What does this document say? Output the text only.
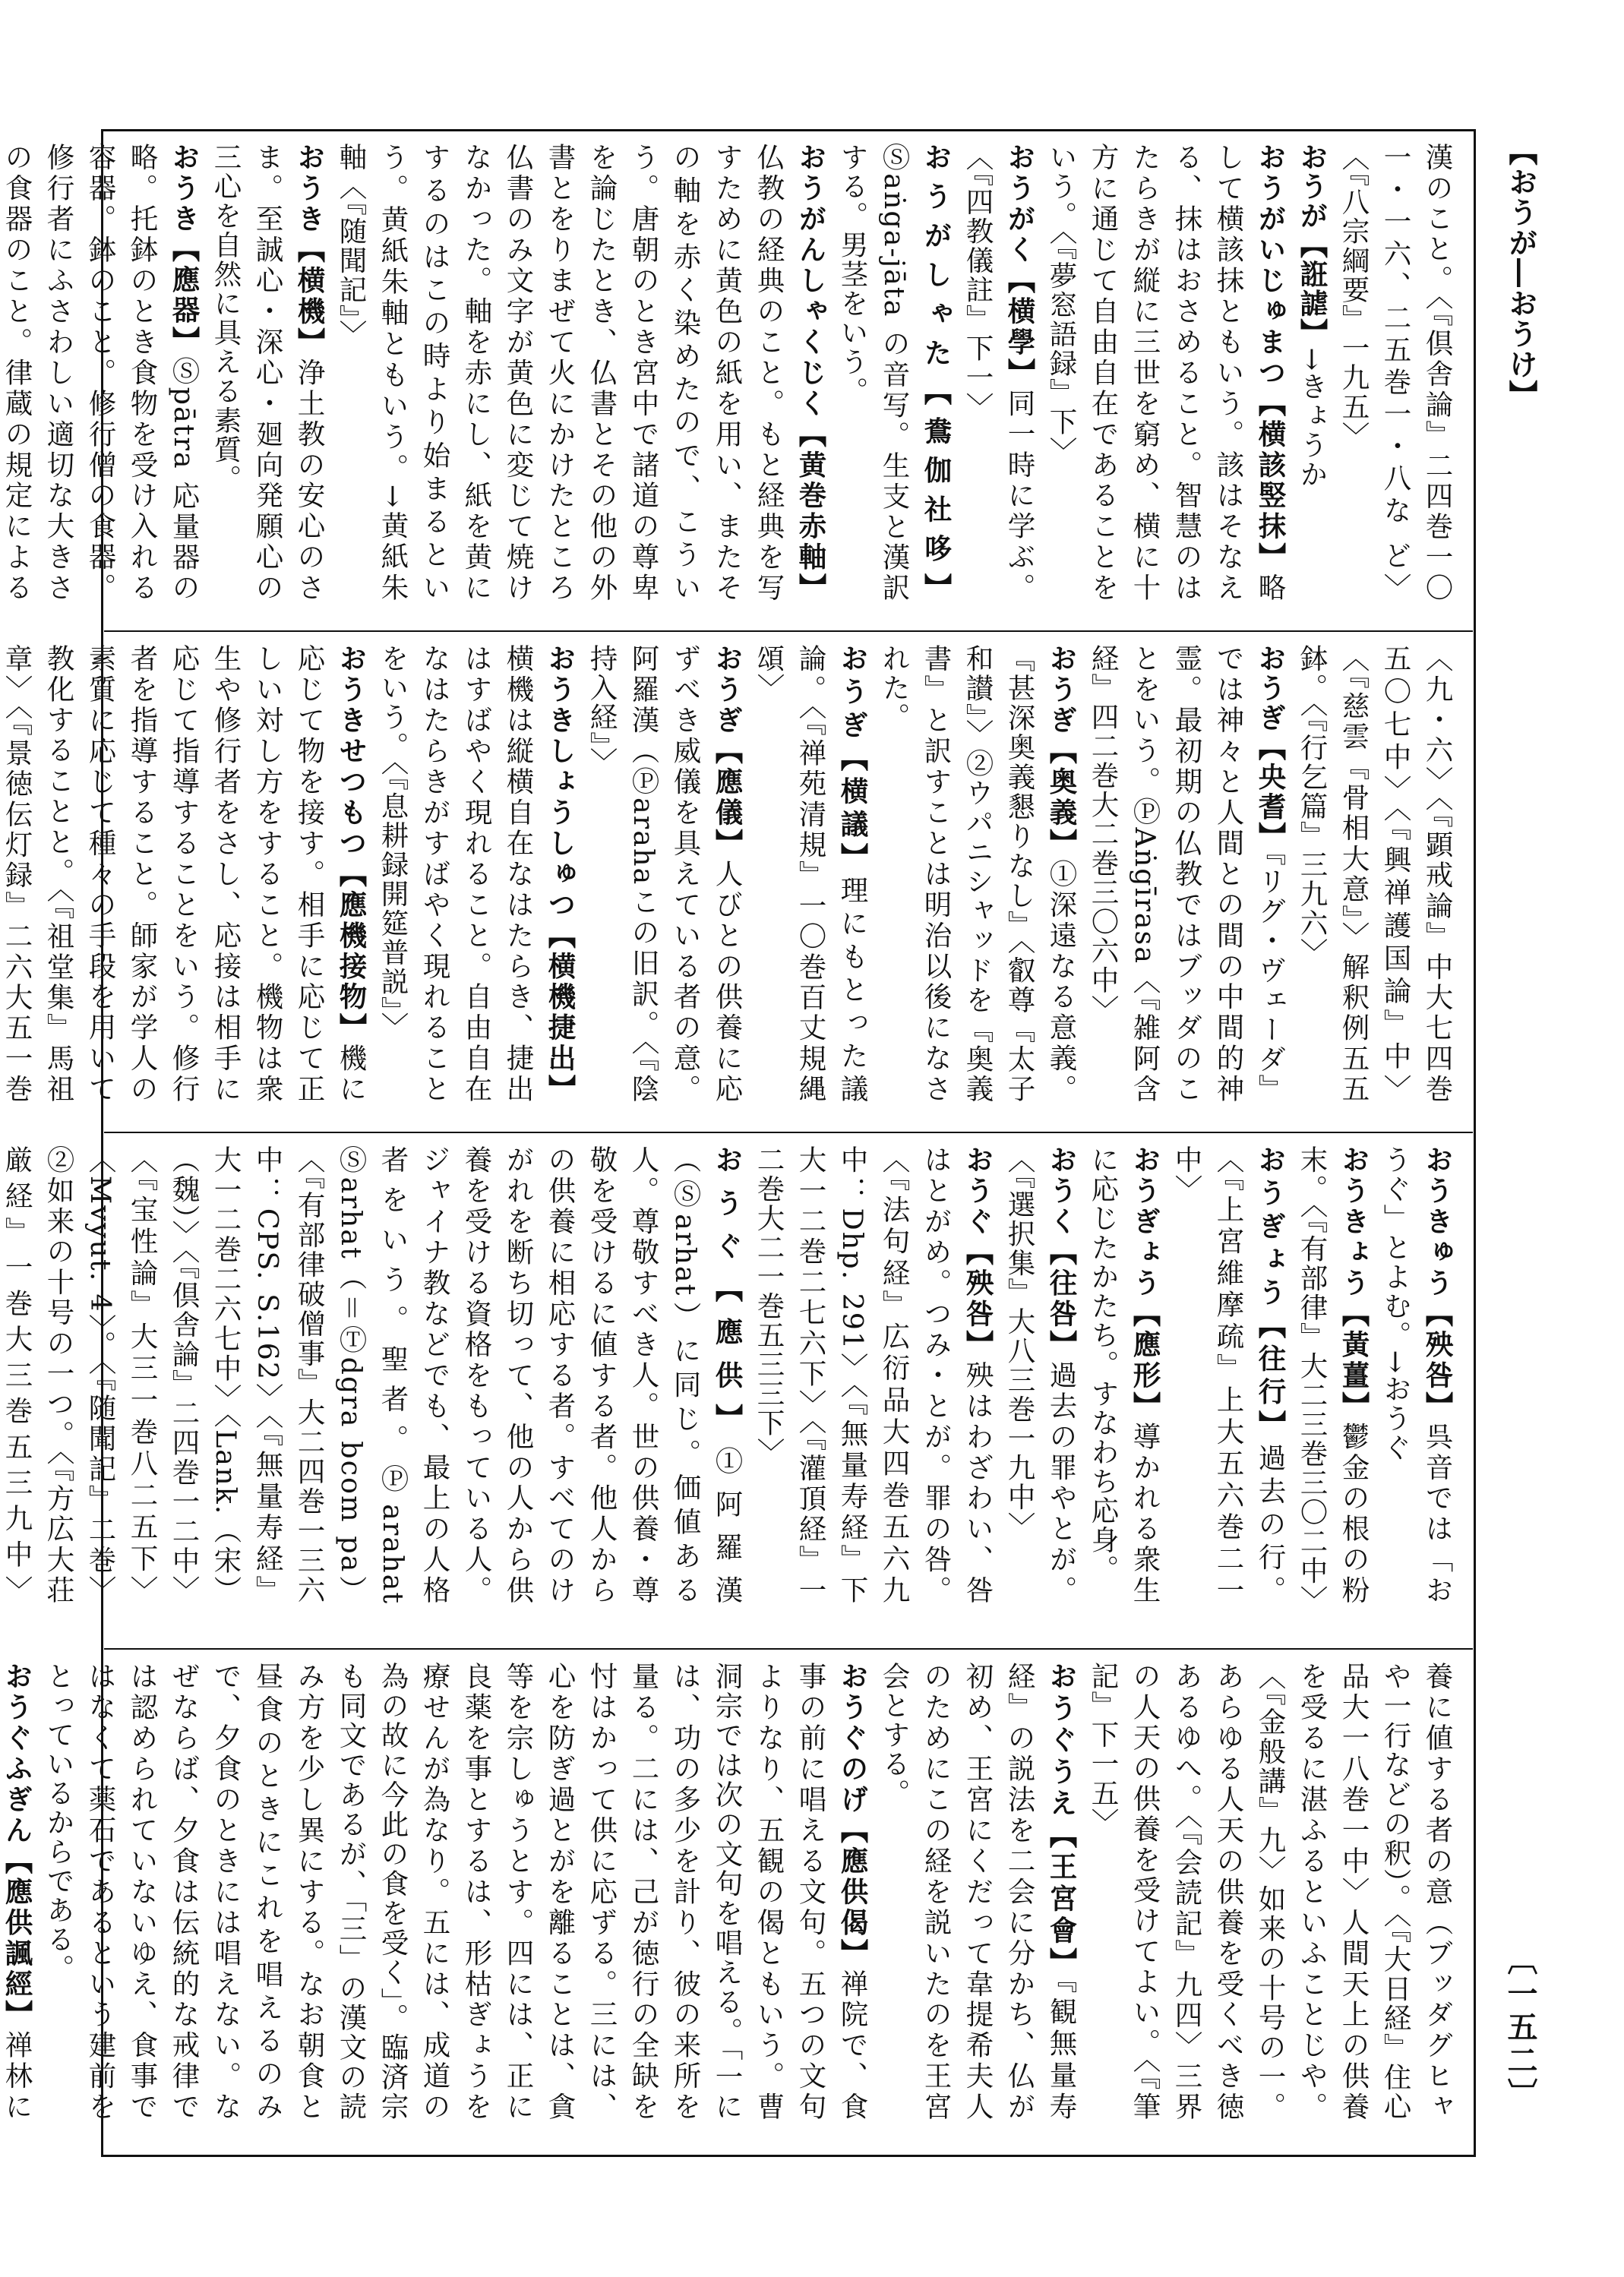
【おうが―おうけ】
〔一五二〕

漢のこと。〈『倶舎論』二四巻一〇一・一六、二五巻一・八な ど〉〈『八宗綱要』一九五〉

おうが【誑謔】→きょうか

おうがいじゅまつ【横該竪抹】略して横該抹ともいう。該はそなえる、抹はおさめること。智慧のはたらきが縦に三世を窮め、横に十方に通じて自由自在であることをいう。〈『夢窓語録』下〉

おうがく【横學】同一時に学ぶ。〈『四教儀註』下一〉

おうがしゃた【鴦伽社哆】Ⓢaṅga-jāta の音写。生支と漢訳する。男茎をいう。

おうがんしゃくじく【黄巻赤軸】仏教の経典のこと。もと経典を写すために黄色の紙を用い、またその軸を赤く染めたので、こういう。唐朝のとき宮中で諸道の尊卑を論じたとき、仏書とその他の外書とをりまぜて火にかけたところ仏書のみ文字が黄色に変じて焼けなかった。軸を赤にし、紙を黄にするのはこの時より始まるという。黄紙朱軸ともいう。→黄紙朱軸〈『随聞記』〉

おうき【横機】浄土教の安心のさま。至誠心・深心・廻向発願心の三心を自然に具える素質。

おうき【應器】Ⓢpātra 応量器の略。托鉢のとき食物を受け入れる容器。鉢のこと。修行僧の食器。修行者にふさわしい適切な大きさの食器のこと。律蔵の規定による

〈九・六〉〈『顕戒論』中大七四巻五〇七中〉〈『興禅護国論』中〉〈『慈雲『骨相大意』〉解釈例五五鉢。〈『行乞篇』三九六〉

おうぎ【央耆】『リグ・ヴェーダ』では神々と人間との間の中間的神霊。最初期の仏教ではブッダのことをいう。ⓅAṅgīrasa〈『雑阿含経』四二巻大二巻三〇六中〉

おうぎ【奥義】①深遠なる意義。『甚深奥義懇りなし』〈叡尊『太子和讃』〉②ウパニシャッドを『奥義書』と訳すことは明治以後になされた。

おうぎ【横議】理にもとった議論。〈『禅苑清規』一〇巻百丈規縄頌〉

おうぎ【應儀】人びとの供養に応ずべき威儀を具えている者の意。阿羅漢（Ⓟarahaこの旧訳。〈『陰持入経』〉

おうきしょうしゅつ【横機捷出】横機は縦横自在なはたらき、捷出はすばやく現れること。自由自在なはたらきがすばやく現れることをいう。〈『息耕録開筵普説』〉

おうきせつもつ【應機接物】機に応じて物を接す。相手に応じて正しい対し方をすること。機物は衆生や修行者をさし、応接は相手に応じて指導することをいう。修行者を指導すること。師家が学人の素質に応じて種々の手段を用いて教化することと。〈『祖堂集』馬祖章〉〈『景徳伝灯録』二六大五一巻

おうきゅう【殃咎】呉音では「おうぐ」とよむ。→おうぐ

おうきょう【黃薑】鬱金の根の粉末。〈『有部律』大二三巻三〇二中〉

おうぎょう【往行】過去の行。〈『上宮維摩疏』上大五六巻二一中〉

おうぎょう【應形】導かれる衆生に応じたかたち。すなわち応身。

おうく【往咎】過去の罪やとが。〈『選択集』大八三巻一九中〉

おうぐ【殃咎】殃はわざわい、咎はとがめ。つみ・とが。罪の咎。〈『法句経』広衍品大四巻五六九中：Dhp. 291〉〈『無量寿経』下大一二巻二七六下〉〈『灌頂経』一二巻大二一巻五三三下〉

おうぐ【應供】①阿羅漢（Ⓢarhat）に同じ。価値ある人。尊敬すべき人。世の供養・尊敬を受けるに値する者。他人からの供養に相応する者。すべてのけがれを断ち切って、他の人から供養を受ける資格をもっている人。ジャイナ教などでも、最上の人格者をいう。聖者。Ⓟarahat Ⓢarhat（＝Ⓣdgra bcom pa）〈『有部律破僧事』大二四巻一三六中：CPS. S.162〉〈『無量寿経』大一二巻二六七中〉〈Lank.（宋）（魏）〉〈『倶舎論』二四巻一二中〉〈『宝性論』大三一巻八二五下〉〈Mvyut. 4〉。〈『随聞記』二巻〉②如来の十号の一つ。〈『方広大荘厳経』一巻大三巻五三九中〉

養に値する者の意（ブッダグヒャや一行などの釈）。〈『大日経』住心品大一八巻一中〉人間天上の供養を受るに湛ふるといふことじや。〈『金般講』九〉如来の十号の一。あらゆる人天の供養を受くべき徳あるゆへ。〈『会読記』九四〉三界の人天の供養を受けてよい。〈『筆記』下一五〉

おうぐうえ【王宮會】『観無量寿経』の説法を二会に分かち、仏が初め、王宮にくだって韋提希夫人のためにこの経を説いたのを王宮会とする。

おうぐのげ【應供偈】禅院で、食事の前に唱える文句。五つの文句よりなり、五観の偈ともいう。曹洞宗では次の文句を唱える。「一には、功の多少を計り、彼の来所を量る。二には、己が徳行の全缺を忖はかって供に応ずる。三には、心を防ぎ過とがを離ることは、貪等を宗しゅうとす。四には、正に良薬を事とするは、形枯ぎょうを療せんが為なり。五には、成道の為の故に今此の食を受く」。臨済宗も同文であるが、「三」の漢文の読み方を少し異にする。なお朝食と昼食のときにこれを唱えるのみで、夕食のときには唱えない。なぜならば、夕食は伝統的な戒律では認められていないゆえ、食事ではなくて薬石であるという建前をとっているからである。

おうぐふぎん【應供諷經】禅林に
